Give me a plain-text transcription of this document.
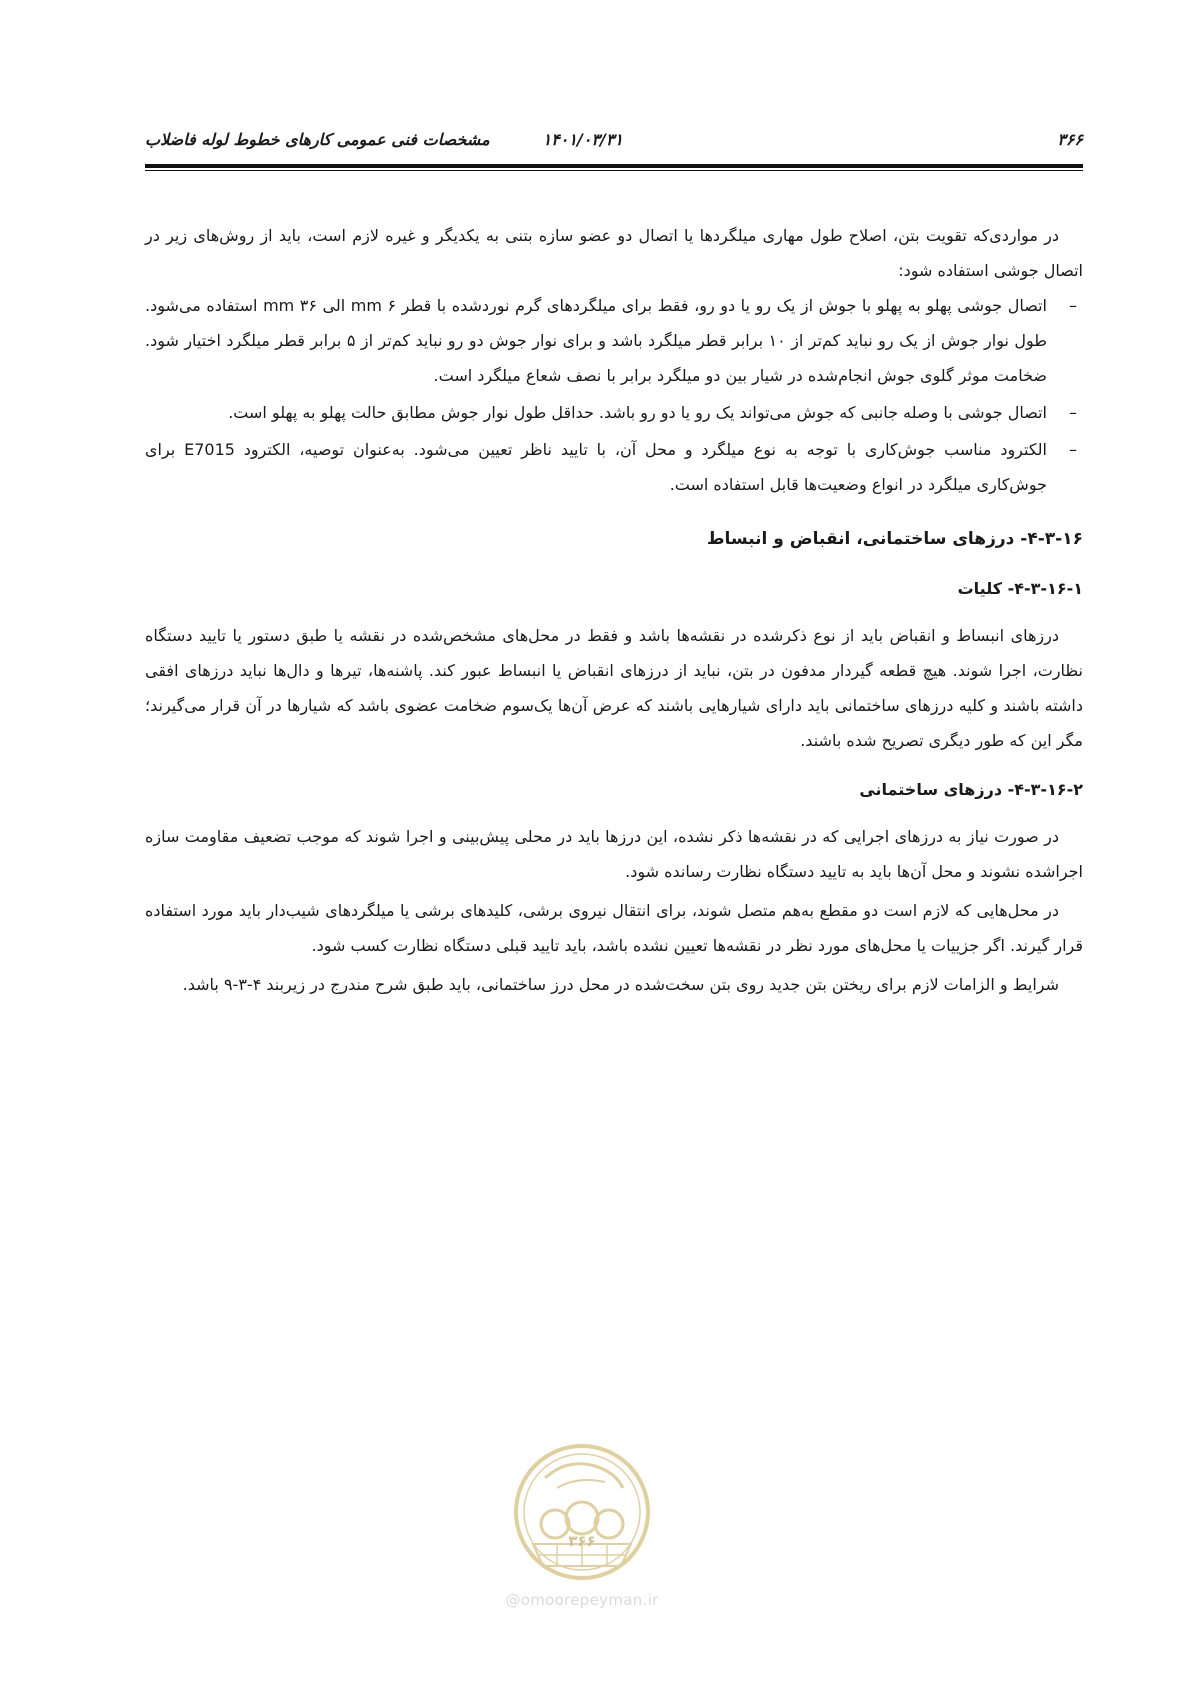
۳۶۶
۱۴۰۱/۰۳/۳۱
مشخصات فنی عمومی کارهای خطوط لوله فاضلاب

در مواردی‌که تقویت بتن، اصلاح طول مهاری میلگردها یا اتصال دو عضو سازه بتنی به یکدیگر و غیره لازم است، باید از روش‌های زیر در اتصال جوشی استفاده شود:

– اتصال جوشی پهلو به پهلو با جوش از یک رو یا دو رو، فقط برای میلگردهای گرم نوردشده با قطر mm ۶ الی mm ۳۶ استفاده می‌شود. طول نوار جوش از یک رو نباید کم‌تر از ۱۰ برابر قطر میلگرد باشد و برای نوار جوش دو رو نباید کم‌تر از ۵ برابر قطر میلگرد اختیار شود. ضخامت موثر گلوی جوش انجام‌شده در شیار بین دو میلگرد برابر با نصف شعاع میلگرد است.
– اتصال جوشی با وصله جانبی که جوش می‌تواند یک رو یا دو رو باشد. حداقل طول نوار جوش مطابق حالت پهلو به پهلو است.
– الکترود مناسب جوش‌کاری با توجه به نوع میلگرد و محل آن، با تایید ناظر تعیین می‌شود. به‌عنوان توصیه، الکترود E7015 برای جوش‌کاری میلگرد در انواع وضعیت‌ها قابل استفاده است.
۴-۳-۱۶- درزهای ساختمانی، انقباض و انبساط
۴-۳-۱۶-۱- کلیات

درزهای انبساط و انقباض باید از نوع ذکرشده در نقشه‌ها باشد و فقط در محل‌های مشخص‌شده در نقشه یا طبق دستور یا تایید دستگاه نظارت، اجرا شوند. هیچ قطعه گیردار مدفون در بتن، نباید از درزهای انقباض یا انبساط عبور کند. پاشنه‌ها، تیرها و دال‌ها نباید درزهای افقی داشته باشند و کلیه درزهای ساختمانی باید دارای شیارهایی باشند که عرض آن‌ها یک‌سوم ضخامت عضوی باشد که شیارها در آن قرار می‌گیرند؛ مگر این که طور دیگری تصریح شده باشند.

۴-۳-۱۶-۲- درزهای ساختمانی

در صورت نیاز به درزهای اجرایی که در نقشه‌ها ذکر نشده، این درزها باید در محلی پیش‌بینی و اجرا شوند که موجب تضعیف مقاومت سازه اجراشده نشوند و محل آن‌ها باید به تایید دستگاه نظارت رسانده شود.

در محل‌هایی که لازم است دو مقطع به‌هم متصل شوند، برای انتقال نیروی برشی، کلیدهای برشی یا میلگردهای شیب‌دار باید مورد استفاده قرار گیرند. اگر جزییات یا محل‌های مورد نظر در نقشه‌ها تعیین نشده باشد، باید تایید قبلی دستگاه نظارت کسب شود.

شرایط و الزامات لازم برای ریختن بتن جدید روی بتن سخت‌شده در محل درز ساختمانی، باید طبق شرح مندرج در زیربند ۴-۳-۹ باشد.

۳۶۶
@omoorepeyman.ir
